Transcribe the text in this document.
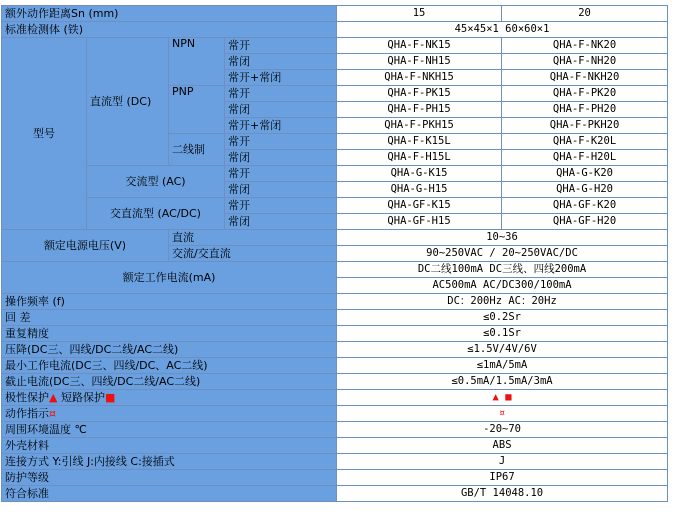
额外动作距离Sn (mm)				15	20
标准检测体 (铁)				45×45×1 60×60×1	
型号	直流型 (DC)	NPN	常开	QHA-F-NK15	QHA-F-NK20
			常闭	QHA-F-NH15	QHA-F-NH20
			常开+常闭	QHA-F-NKH15	QHA-F-NKH20
		PNP	常开	QHA-F-PK15	QHA-F-PK20
			常闭	QHA-F-PH15	QHA-F-PH20
			常开+常闭	QHA-F-PKH15	QHA-F-PKH20
		二线制	常开	QHA-F-K15L	QHA-F-K20L
			常闭	QHA-F-H15L	QHA-F-H20L
	交流型 (AC)		常开	QHA-G-K15	QHA-G-K20
			常闭	QHA-G-H15	QHA-G-H20
	交直流型 (AC/DC)		常开	QHA-GF-K15	QHA-GF-K20
			常闭	QHA-GF-H15	QHA-GF-H20
额定电源电压(V)		直流		10~36	
		交流/交直流		90~250VAC / 20~250VAC/DC	
额定工作电流(mA)				DC二线100mA DC三线、四线200mA	
				AC500mA AC/DC300/100mA	
操作频率 (f)				DC：200Hz AC：20Hz	
回 差				≤0.2Sr	
重复精度				≤0.1Sr	
压降(DC三、四线/DC二线/AC二线)				≤1.5V/4V/6V	
最小工作电流(DC三、四线/DC、AC二线)				≤1mA/5mA	
截止电流(DC三、四线/DC二线/AC二线)				≤0.5mA/1.5mA/3mA	
极性保护▲ 短路保护■				▲ ■	
动作指示¤				¤	
周围环境温度 ℃				-20~70	
外壳材料				ABS	
连接方式 Y:引线 J:内接线 C:接插式				J	
防护等级				IP67	
符合标准				GB/T 14048.10	
